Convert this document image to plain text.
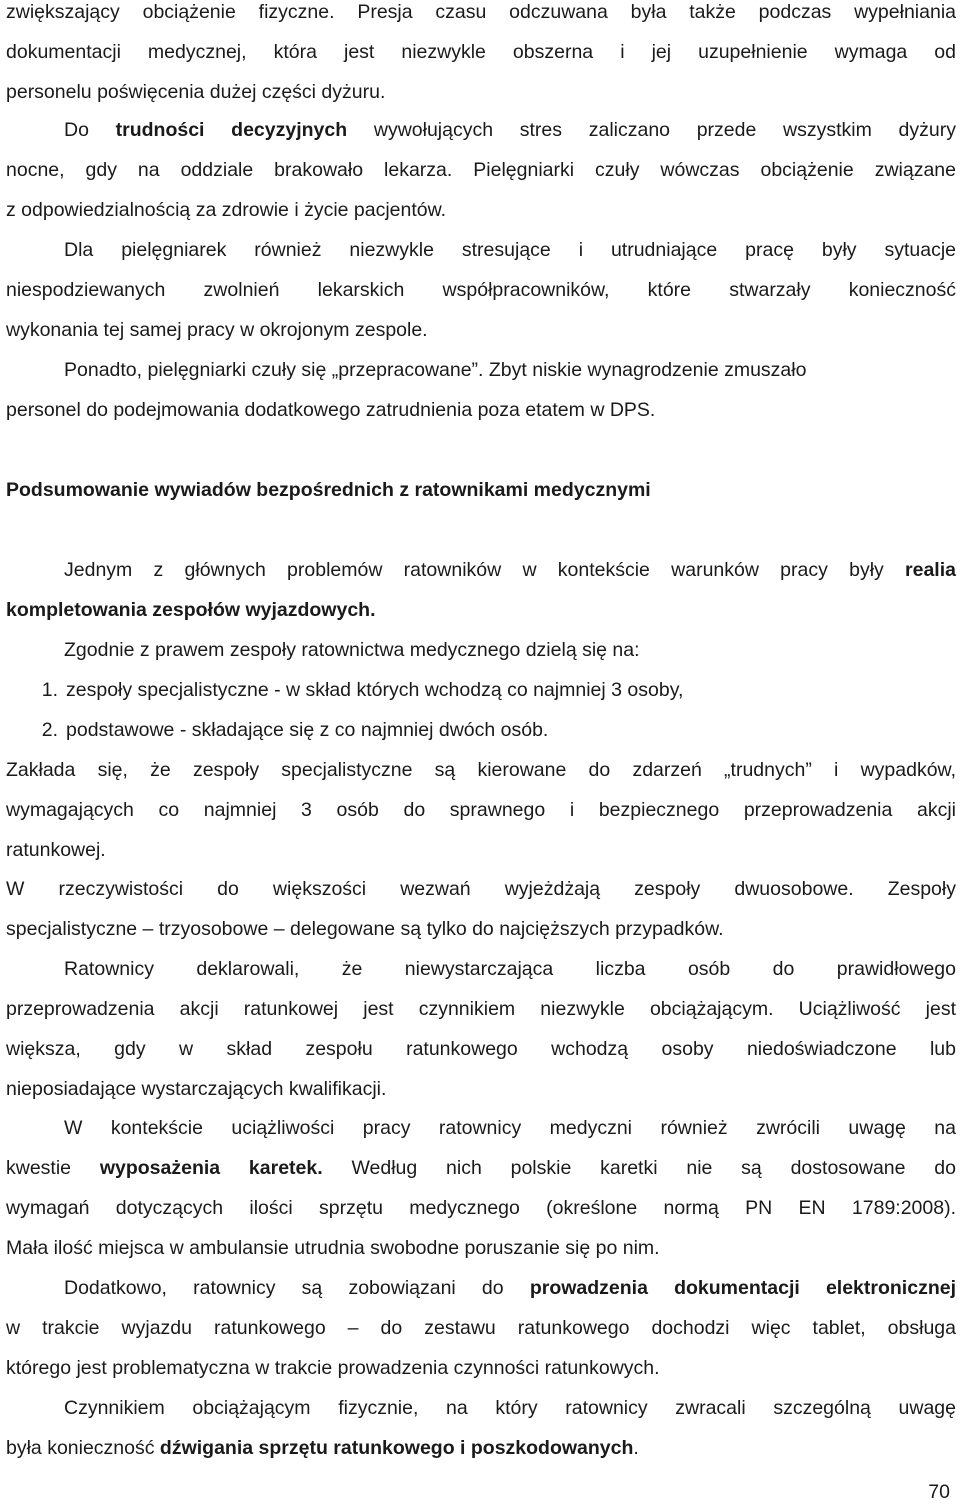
zwiększający obciążenie fizyczne. Presja czasu odczuwana była także podczas wypełniania
dokumentacji medycznej, która jest niezwykle obszerna i jej uzupełnienie wymaga od
personelu poświęcenia dużej części dyżuru.
Do trudności decyzyjnych wywołujących stres zaliczano przede wszystkim dyżury
nocne, gdy na oddziale brakowało lekarza. Pielęgniarki czuły wówczas obciążenie związane
z odpowiedzialnością za zdrowie i życie pacjentów.
Dla pielęgniarek również niezwykle stresujące i utrudniające pracę były sytuacje
niespodziewanych zwolnień lekarskich współpracowników, które stwarzały konieczność
wykonania tej samej pracy w okrojonym zespole.
Ponadto, pielęgniarki czuły się „przepracowane”. Zbyt niskie wynagrodzenie zmuszało
personel do podejmowania dodatkowego zatrudnienia poza etatem w DPS.
Podsumowanie wywiadów bezpośrednich z ratownikami medycznymi
Jednym z głównych problemów ratowników w kontekście warunków pracy były realia
kompletowania zespołów wyjazdowych.
Zgodnie z prawem zespoły ratownictwa medycznego dzielą się na:
1. zespoły specjalistyczne - w skład których wchodzą co najmniej 3 osoby,
2. podstawowe - składające się z co najmniej dwóch osób.
Zakłada się, że zespoły specjalistyczne są kierowane do zdarzeń „trudnych” i wypadków,
wymagających co najmniej 3 osób do sprawnego i bezpiecznego przeprowadzenia akcji
ratunkowej.
W rzeczywistości do większości wezwań wyjeżdżają zespoły dwuosobowe. Zespoły
specjalistyczne – trzyosobowe – delegowane są tylko do najcięższych przypadków.
Ratownicy deklarowali, że niewystarczająca liczba osób do prawidłowego
przeprowadzenia akcji ratunkowej jest czynnikiem niezwykle obciążającym. Uciążliwość jest
większa, gdy w skład zespołu ratunkowego wchodzą osoby niedoświadczone lub
nieposiadające wystarczających kwalifikacji.
W kontekście uciążliwości pracy ratownicy medyczni również zwrócili uwagę na
kwestie wyposażenia karetek. Według nich polskie karetki nie są dostosowane do
wymagań dotyczących ilości sprzętu medycznego (określone normą PN EN 1789:2008).
Mała ilość miejsca w ambulansie utrudnia swobodne poruszanie się po nim.
Dodatkowo, ratownicy są zobowiązani do prowadzenia dokumentacji elektronicznej
w trakcie wyjazdu ratunkowego – do zestawu ratunkowego dochodzi więc tablet, obsługa
którego jest problematyczna w trakcie prowadzenia czynności ratunkowych.
Czynnikiem obciążającym fizycznie, na który ratownicy zwracali szczególną uwagę
była konieczność dźwigania sprzętu ratunkowego i poszkodowanych.
70
